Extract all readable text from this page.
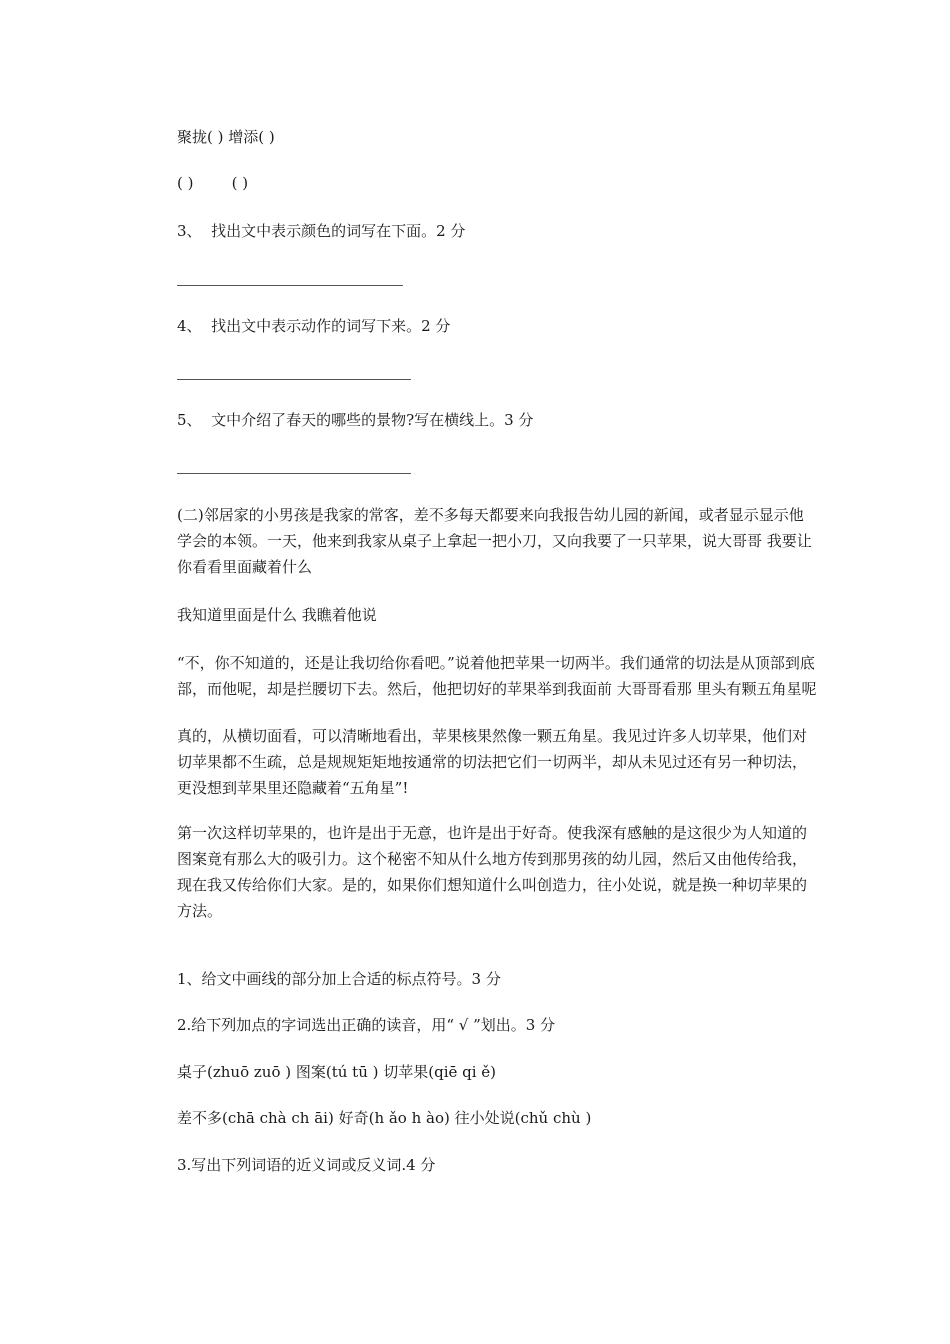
聚拢( ) 增添( )
( )        ( )
3、  找出文中表示颜色的词写在下面。2 分
4、  找出文中表示动作的词写下来。2 分
5、  文中介绍了春天的哪些的景物?写在横线上。3 分
(二)邻居家的小男孩是我家的常客，差不多每天都要来向我报告幼儿园的新闻，或者显示显示他学会的本领。一天，他来到我家从桌子上拿起一把小刀，又向我要了一只苹果，说大哥哥 我要让你看看里面藏着什么
我知道里面是什么 我瞧着他说
“不，你不知道的，还是让我切给你看吧。”说着他把苹果一切两半。我们通常的切法是从顶部到底部，而他呢，却是拦腰切下去。然后，他把切好的苹果举到我面前 大哥哥看那 里头有颗五角星呢
真的，从横切面看，可以清晰地看出，苹果核果然像一颗五角星。我见过许多人切苹果，他们对切苹果都不生疏，总是规规矩矩地按通常的切法把它们一切两半，却从未见过还有另一种切法，更没想到苹果里还隐藏着“五角星”!
第一次这样切苹果的，也许是出于无意，也许是出于好奇。使我深有感触的是这很少为人知道的图案竟有那么大的吸引力。这个秘密不知从什么地方传到那男孩的幼儿园，然后又由他传给我，现在我又传给你们大家。是的，如果你们想知道什么叫创造力，往小处说，就是换一种切苹果的方法。
1、给文中画线的部分加上合适的标点符号。3 分
2.给下列加点的字词选出正确的读音，用“ √ ”划出。3 分
桌子(zhuō zuō ) 图案(tú tū ) 切苹果(qiē qi ě)
差不多(chā chà ch āi) 好奇(h ǎo h ào) 往小处说(chǔ chù )
3.写出下列词语的近义词或反义词.4 分
